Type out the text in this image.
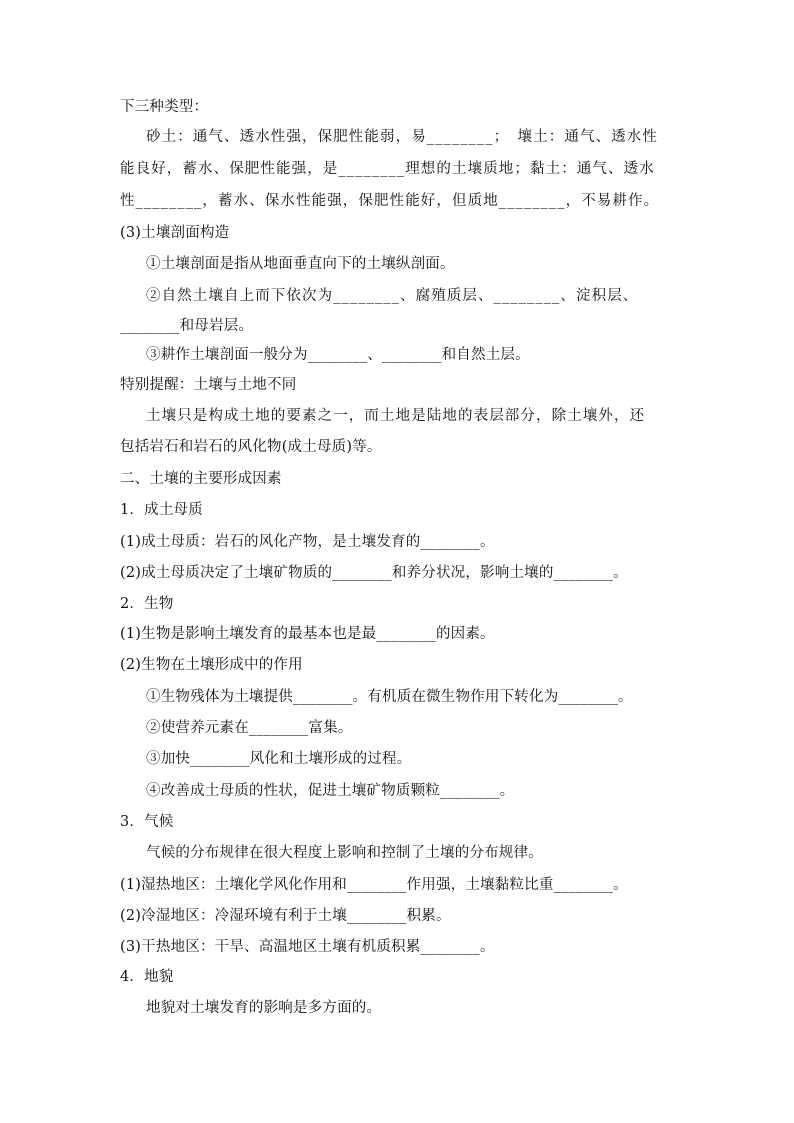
下三种类型：
砂土：通气、透水性强，保肥性能弱，易________；　壤土：通气、透水性
能良好，蓄水、保肥性能强，是________理想的土壤质地；黏土：通气、透水
性________，蓄水、保水性能强，保肥性能好，但质地________，不易耕作。
(3)土壤剖面构造
①土壤剖面是指从地面垂直向下的土壤纵剖面。
②自然土壤自上而下依次为________、腐殖质层、________、淀积层、
________和母岩层。
③耕作土壤剖面一般分为________、________和自然土层。
特别提醒：土壤与土地不同
土壤只是构成土地的要素之一，而土地是陆地的表层部分，除土壤外，还
包括岩石和岩石的风化物(成土母质)等。
二、土壤的主要形成因素
1．成土母质
(1)成土母质：岩石的风化产物，是土壤发育的________。
(2)成土母质决定了土壤矿物质的________和养分状况，影响土壤的________。
2．生物
(1)生物是影响土壤发育的最基本也是最________的因素。
(2)生物在土壤形成中的作用
①生物残体为土壤提供________。有机质在微生物作用下转化为________。
②使营养元素在________富集。
③加快________风化和土壤形成的过程。
④改善成土母质的性状，促进土壤矿物质颗粒________。
3．气候
气候的分布规律在很大程度上影响和控制了土壤的分布规律。
(1)湿热地区：土壤化学风化作用和________作用强，土壤黏粒比重________。
(2)冷湿地区：冷湿环境有利于土壤________积累。
(3)干热地区：干旱、高温地区土壤有机质积累________。
4．地貌
地貌对土壤发育的影响是多方面的。
